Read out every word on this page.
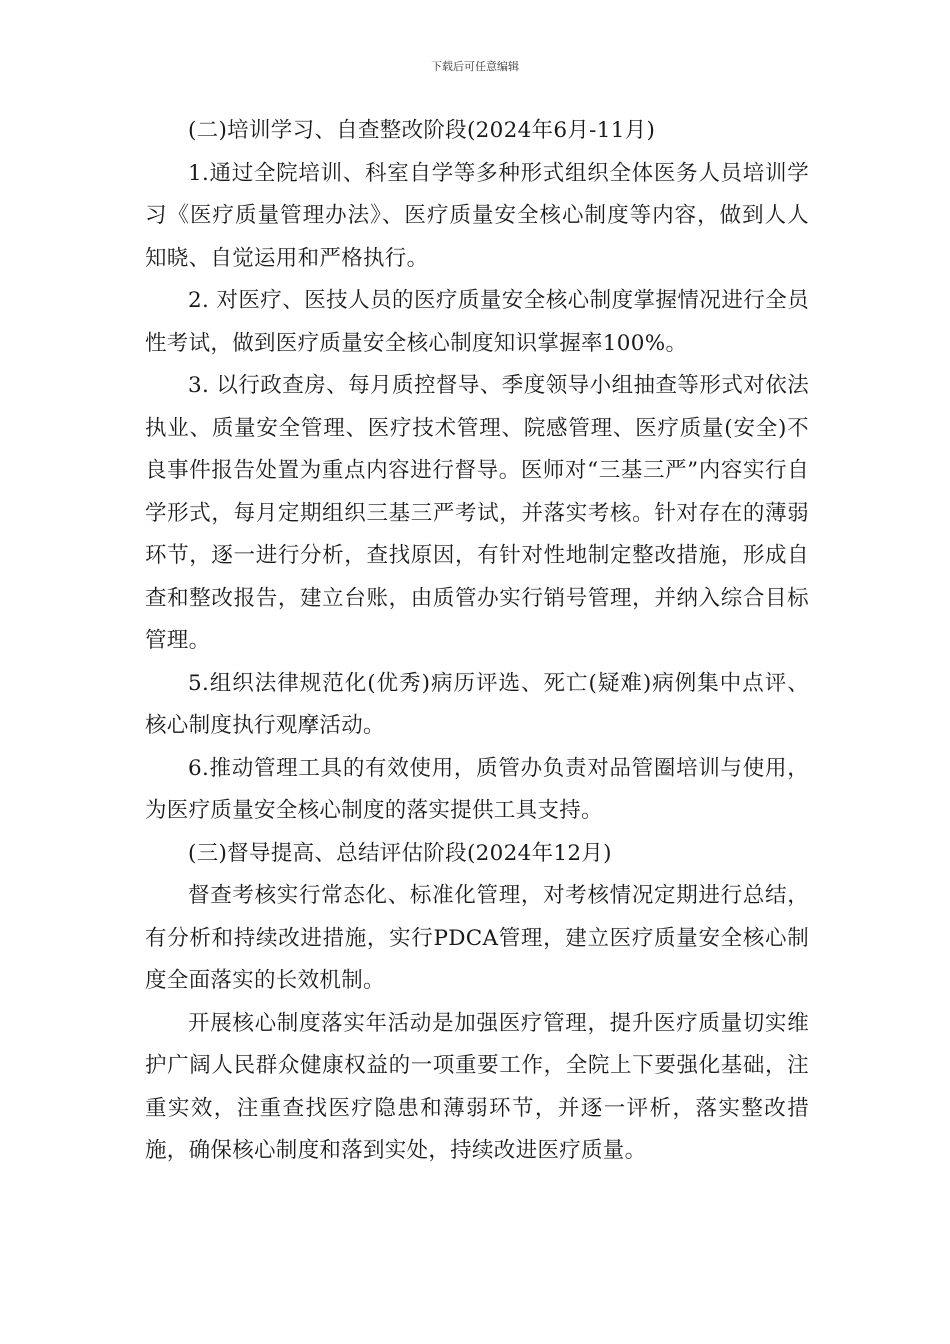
下载后可任意编辑

(二)培训学习、自查整改阶段(2024年6月-11月)

1.通过全院培训、科室自学等多种形式组织全体医务人员培训学习《医疗质量管理办法》、医疗质量安全核心制度等内容，做到人人知晓、自觉运用和严格执行。

2. 对医疗、医技人员的医疗质量安全核心制度掌握情况进行全员性考试，做到医疗质量安全核心制度知识掌握率100%。

3. 以行政查房、每月质控督导、季度领导小组抽查等形式对依法执业、质量安全管理、医疗技术管理、院感管理、医疗质量(安全)不良事件报告处置为重点内容进行督导。医师对“三基三严”内容实行自学形式，每月定期组织三基三严考试，并落实考核。针对存在的薄弱环节，逐一进行分析，查找原因，有针对性地制定整改措施，形成自查和整改报告，建立台账，由质管办实行销号管理，并纳入综合目标管理。

5.组织法律规范化(优秀)病历评选、死亡(疑难)病例集中点评、核心制度执行观摩活动。

6.推动管理工具的有效使用，质管办负责对品管圈培训与使用，为医疗质量安全核心制度的落实提供工具支持。

(三)督导提高、总结评估阶段(2024年12月)

督查考核实行常态化、标准化管理，对考核情况定期进行总结，有分析和持续改进措施，实行PDCA管理，建立医疗质量安全核心制度全面落实的长效机制。

开展核心制度落实年活动是加强医疗管理，提升医疗质量切实维护广阔人民群众健康权益的一项重要工作，全院上下要强化基础，注重实效，注重查找医疗隐患和薄弱环节，并逐一评析，落实整改措施，确保核心制度和落到实处，持续改进医疗质量。
